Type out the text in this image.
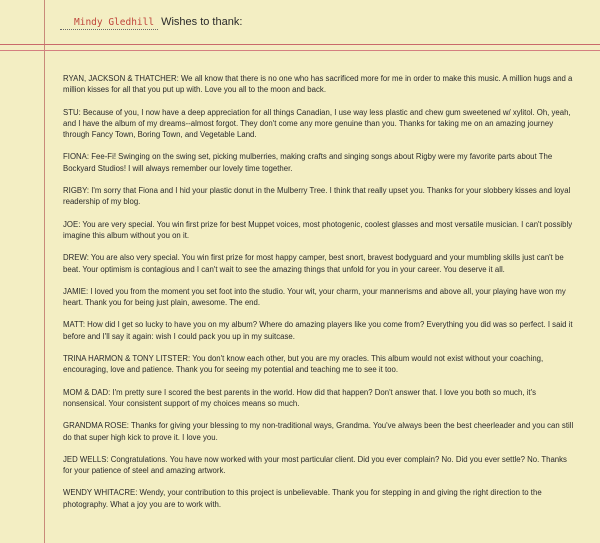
Mindy Gledhill Wishes to thank:

RYAN, JACKSON & THATCHER: We all know that there is no one who has sacrificed more for me in order to make this music. A million hugs and a million kisses for all that you put up with. Love you all to the moon and back.

STU: Because of you, I now have a deep appreciation for all things Canadian, I use way less plastic and chew gum sweetened w/ xylitol. Oh, yeah, and I have the album of my dreams--almost forgot. They don't come any more genuine than you. Thanks for taking me on an amazing journey through Fancy Town, Boring Town, and Vegetable Land.

FIONA: Fee-Fi! Swinging on the swing set, picking mulberries, making crafts and singing songs about Rigby were my favorite parts about The Bockyard Studios! I will always remember our lovely time together.

RIGBY: I'm sorry that Fiona and I hid your plastic donut in the Mulberry Tree. I think that really upset you. Thanks for your slobbery kisses and loyal readership of my blog.

JOE: You are very special. You win first prize for best Muppet voices, most photogenic, coolest glasses and most versatile musician. I can't possibly imagine this album without you on it.

DREW: You are also very special. You win first prize for most happy camper, best snort, bravest bodyguard and your mumbling skills just can't be beat. Your optimism is contagious and I can't wait to see the amazing things that unfold for you in your career. You deserve it all.

JAMIE: I loved you from the moment you set foot into the studio. Your wit, your charm, your mannerisms and above all, your playing have won my heart. Thank you for being just plain, awesome. The end.

MATT: How did I get so lucky to have you on my album? Where do amazing players like you come from? Everything you did was so perfect. I said it before and I'll say it again: wish I could pack you up in my suitcase.

TRINA HARMON & TONY LITSTER: You don't know each other, but you are my oracles. This album would not exist without your coaching, encouraging, love and patience. Thank you for seeing my potential and teaching me to see it too.

MOM & DAD: I'm pretty sure I scored the best parents in the world. How did that happen? Don't answer that. I love you both so much, it's nonsensical. Your consistent support of my choices means so much.

GRANDMA ROSE: Thanks for giving your blessing to my non-traditional ways, Grandma. You've always been the best cheerleader and you can still do that super high kick to prove it. I love you.

JED WELLS: Congratulations. You have now worked with your most particular client. Did you ever complain? No. Did you ever settle? No. Thanks for your patience of steel and amazing artwork.

WENDY WHITACRE: Wendy, your contribution to this project is unbelievable. Thank you for stepping in and giving the right direction to the photography. What a joy you are to work with.
